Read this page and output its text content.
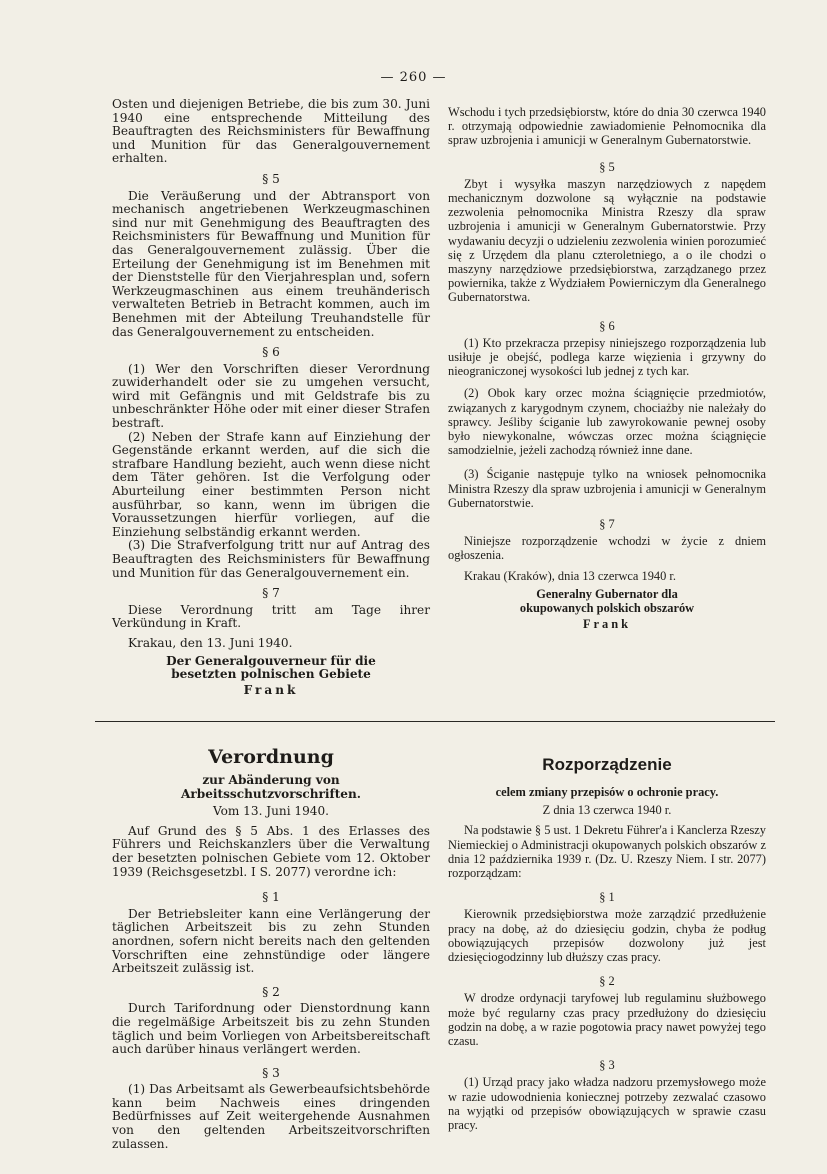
— 260 —

Osten und diejenigen Betriebe, die bis zum 30. Juni 1940 eine entsprechende Mitteilung des Beauftragten des Reichsministers für Bewaffnung und Munition für das Generalgouvernement erhalten.

§ 5

Die Veräußerung und der Abtransport von mechanisch angetriebenen Werkzeugmaschinen sind nur mit Genehmigung des Beauftragten des Reichsministers für Bewaffnung und Munition für das Generalgouvernement zulässig. Über die Erteilung der Genehmigung ist im Benehmen mit der Dienststelle für den Vierjahresplan und, sofern Werkzeugmaschinen aus einem treuhänderisch verwalteten Betrieb in Betracht kommen, auch im Benehmen mit der Abteilung Treuhandstelle für das Generalgouvernement zu entscheiden.

§ 6

(1) Wer den Vorschriften dieser Verordnung zuwiderhandelt oder sie zu umgehen versucht, wird mit Gefängnis und mit Geldstrafe bis zu unbeschränkter Höhe oder mit einer dieser Strafen bestraft.

(2) Neben der Strafe kann auf Einziehung der Gegenstände erkannt werden, auf die sich die strafbare Handlung bezieht, auch wenn diese nicht dem Täter gehören. Ist die Verfolgung oder Aburteilung einer bestimmten Person nicht ausführbar, so kann, wenn im übrigen die Voraussetzungen hierfür vorliegen, auf die Einziehung selbständig erkannt werden.

(3) Die Strafverfolgung tritt nur auf Antrag des Beauftragten des Reichsministers für Bewaffnung und Munition für das Generalgouvernement ein.

§ 7

Diese Verordnung tritt am Tage ihrer Verkündung in Kraft.

Krakau, den 13. Juni 1940.

Der Generalgouverneur für die besetzten polnischen Gebiete

Frank

Wschodu i tych przedsiębiorstw, które do dnia 30 czerwca 1940 r. otrzymają odpowiednie zawiadomienie Pełnomocnika dla spraw uzbrojenia i amunicji w Generalnym Gubernatorstwie.

§ 5

Zbyt i wysyłka maszyn narzędziowych z napędem mechanicznym dozwolone są wyłącznie na podstawie zezwolenia pełnomocnika Ministra Rzeszy dla spraw uzbrojenia i amunicji w Generalnym Gubernatorstwie. Przy wydawaniu decyzji o udzieleniu zezwolenia winien porozumieć się z Urzędem dla planu czteroletniego, a o ile chodzi o maszyny narzędziowe przedsiębiorstwa, zarządzanego przez powiernika, także z Wydziałem Powierniczym dla Generalnego Gubernatorstwa.

§ 6

(1) Kto przekracza przepisy niniejszego rozporządzenia lub usiłuje je obejść, podlega karze więzienia i grzywny do nieograniczonej wysokości lub jednej z tych kar.

(2) Obok kary orzec można ściągnięcie przedmiotów, związanych z karygodnym czynem, chociażby nie należały do sprawcy. Jeśliby ściganie lub zawyrokowanie pewnej osoby było niewykonalne, wówczas orzec można ściągnięcie samodzielnie, jeżeli zachodzą również inne dane.

(3) Ściganie następuje tylko na wniosek pełnomocnika Ministra Rzeszy dla spraw uzbrojenia i amunicji w Generalnym Gubernatorstwie.

§ 7

Niniejsze rozporządzenie wchodzi w życie z dniem ogłoszenia.

Krakau (Kraków), dnia 13 czerwca 1940 r.

Generalny Gubernator dla okupowanych polskich obszarów

Frank

Verordnung

zur Abänderung von Arbeitsschutzvorschriften.

Vom 13. Juni 1940.

Auf Grund des § 5 Abs. 1 des Erlasses des Führers und Reichskanzlers über die Verwaltung der besetzten polnischen Gebiete vom 12. Oktober 1939 (Reichsgesetzbl. I S. 2077) verordne ich:

§ 1

Der Betriebsleiter kann eine Verlängerung der täglichen Arbeitszeit bis zu zehn Stunden anordnen, sofern nicht bereits nach den geltenden Vorschriften eine zehnstündige oder längere Arbeitszeit zulässig ist.

§ 2

Durch Tarifordnung oder Dienstordnung kann die regelmäßige Arbeitszeit bis zu zehn Stunden täglich und beim Vorliegen von Arbeitsbereitschaft auch darüber hinaus verlängert werden.

§ 3

(1) Das Arbeitsamt als Gewerbeaufsichtsbehörde kann beim Nachweis eines dringenden Bedürfnisses auf Zeit weitergehende Ausnahmen von den geltenden Arbeitszeitvorschriften zulassen.

Rozporządzenie

celem zmiany przepisów o ochronie pracy.

Z dnia 13 czerwca 1940 r.

Na podstawie § 5 ust. 1 Dekretu Führer'a i Kanclerza Rzeszy Niemieckiej o Administracji okupowanych polskich obszarów z dnia 12 października 1939 r. (Dz. U. Rzeszy Niem. I str. 2077) rozporządzam:

§ 1

Kierownik przedsiębiorstwa może zarządzić przedłużenie pracy na dobę, aż do dziesięciu godzin, chyba że podług obowiązujących przepisów dozwolony już jest dziesięciogodzinny lub dłuższy czas pracy.

§ 2

W drodze ordynacji taryfowej lub regulaminu służbowego może być regularny czas pracy przedłużony do dziesięciu godzin na dobę, a w razie pogotowia pracy nawet powyżej tego czasu.

§ 3

(1) Urząd pracy jako władza nadzoru przemysłowego może w razie udowodnienia koniecznej potrzeby zezwalać czasowo na wyjątki od przepisów obowiązujących w sprawie czasu pracy.
